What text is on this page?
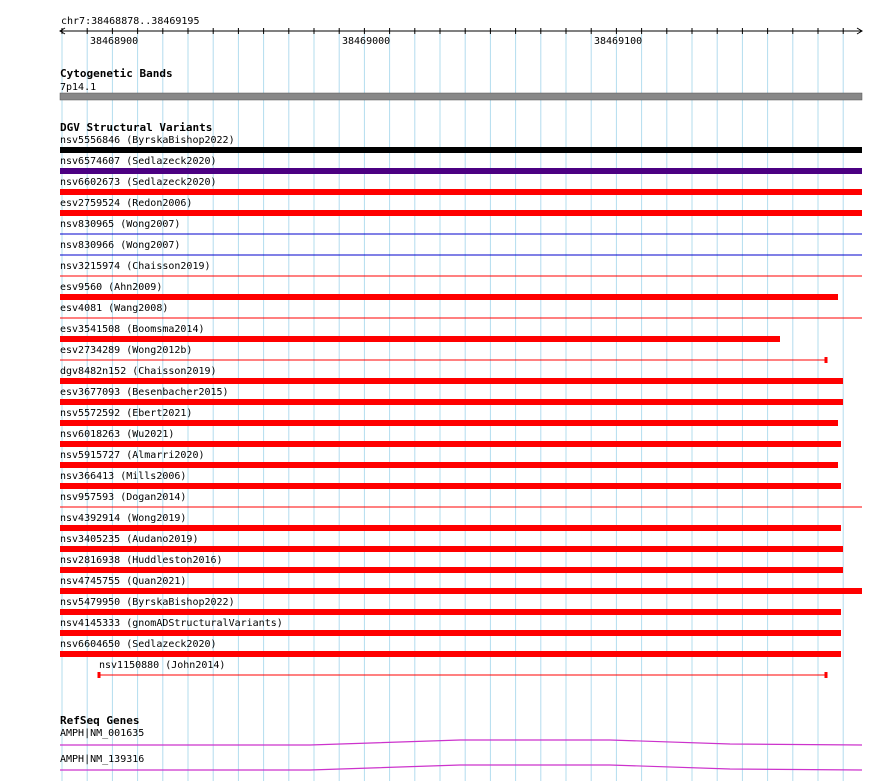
chr7:38468878..38469195
38468900	38469000	38469100
Cytogenetic Bands
7p14.1
DGV Structural Variants
nsv5556846 (ByrskaBishop2022)
nsv6574607 (Sedlazeck2020)
nsv6602673 (Sedlazeck2020)
esv2759524 (Redon2006)
nsv830965 (Wong2007)
nsv830966 (Wong2007)
nsv3215974 (Chaisson2019)
esv9560 (Ahn2009)
esv4081 (Wang2008)
esv3541508 (Boomsma2014)
esv2734289 (Wong2012b)
dgv8482n152 (Chaisson2019)
esv3677093 (Besenbacher2015)
nsv5572592 (Ebert2021)
nsv6018263 (Wu2021)
nsv5915727 (Almarri2020)
nsv366413 (Mills2006)
nsv957593 (Dogan2014)
nsv4392914 (Wong2019)
nsv3405235 (Audano2019)
nsv2816938 (Huddleston2016)
nsv4745755 (Quan2021)
nsv5479950 (ByrskaBishop2022)
nsv4145333 (gnomADStructuralVariants)
nsv6604650 (Sedlazeck2020)
nsv1150880 (John2014)
RefSeq Genes
AMPH|NM_001635
AMPH|NM_139316
